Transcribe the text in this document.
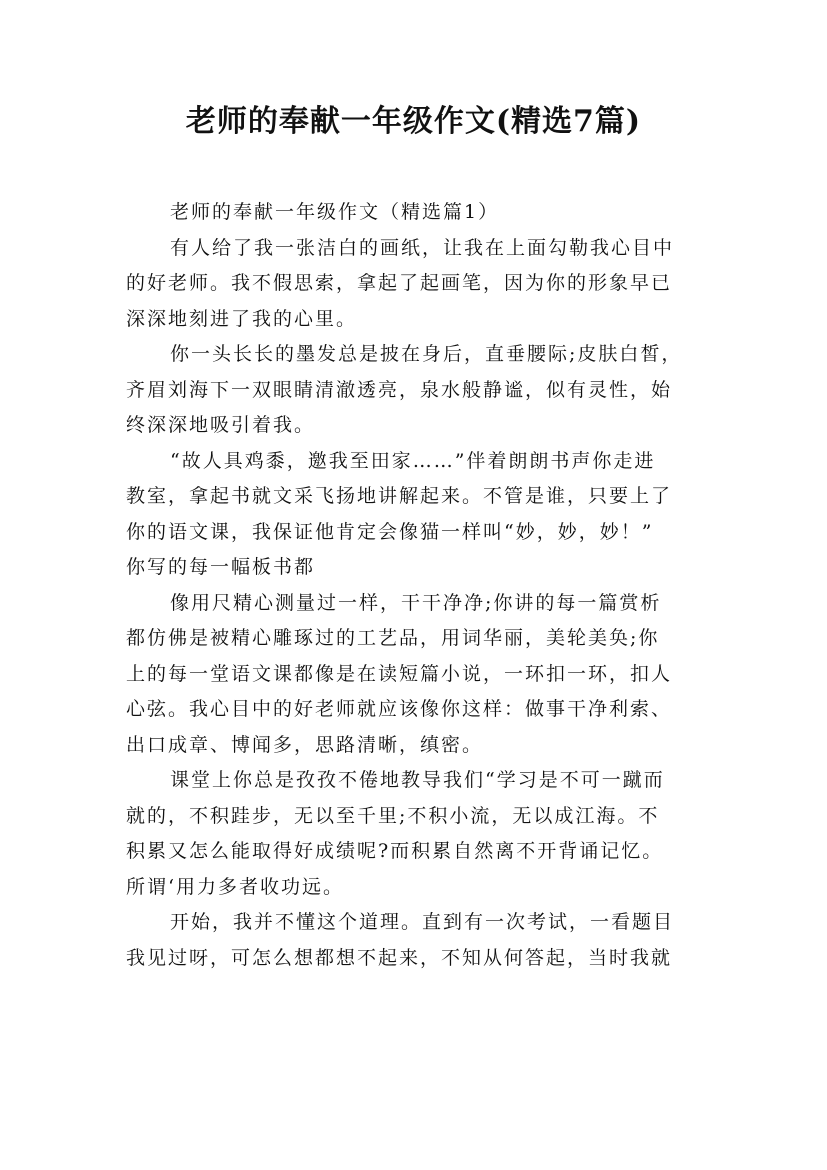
老师的奉献一年级作文(精选7篇)
老师的奉献一年级作文（精选篇1）
有人给了我一张洁白的画纸，让我在上面勾勒我心目中
的好老师。我不假思索，拿起了起画笔，因为你的形象早已
深深地刻进了我的心里。
你一头长长的墨发总是披在身后，直垂腰际;皮肤白皙，
齐眉刘海下一双眼睛清澈透亮，泉水般静谧，似有灵性，始
终深深地吸引着我。
“故人具鸡黍，邀我至田家……”伴着朗朗书声你走进
教室，拿起书就文采飞扬地讲解起来。不管是谁，只要上了
你的语文课，我保证他肯定会像猫一样叫“妙，妙，妙！”
你写的每一幅板书都
像用尺精心测量过一样，干干净净;你讲的每一篇赏析
都仿佛是被精心雕琢过的工艺品，用词华丽，美轮美奂;你
上的每一堂语文课都像是在读短篇小说，一环扣一环，扣人
心弦。我心目中的好老师就应该像你这样：做事干净利索、
出口成章、博闻多，思路清晰，缜密。
课堂上你总是孜孜不倦地教导我们“学习是不可一蹴而
就的，不积跬步，无以至千里;不积小流，无以成江海。不
积累又怎么能取得好成绩呢?而积累自然离不开背诵记忆。
所谓‘用力多者收功远。
开始，我并不懂这个道理。直到有一次考试，一看题目
我见过呀，可怎么想都想不起来，不知从何答起，当时我就
